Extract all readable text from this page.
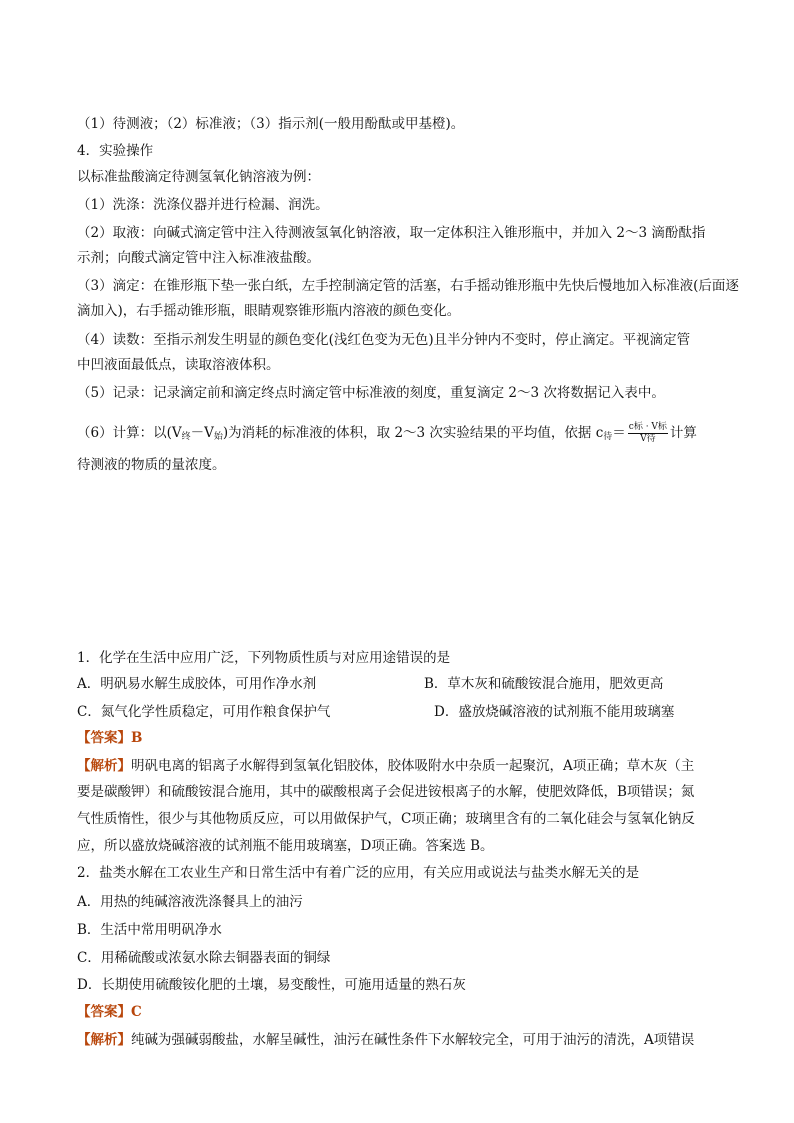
（1）待测液；（2）标准液；（3）指示剂(一般用酚酞或甲基橙)。
4．实验操作
以标准盐酸滴定待测氢氧化钠溶液为例：
（1）洗涤：洗涤仪器并进行检漏、润洗。
（2）取液：向碱式滴定管中注入待测液氢氧化钠溶液，取一定体积注入锥形瓶中，并加入 2～3 滴酚酞指
示剂；向酸式滴定管中注入标准液盐酸。
（3）滴定：在锥形瓶下垫一张白纸，左手控制滴定管的活塞，右手摇动锥形瓶中先快后慢地加入标准液(后面逐
滴加入)，右手摇动锥形瓶，眼睛观察锥形瓶内溶液的颜色变化。
（4）读数：至指示剂发生明显的颜色变化(浅红色变为无色)且半分钟内不变时，停止滴定。平视滴定管
中凹液面最低点，读取溶液体积。
（5）记录：记录滴定前和滴定终点时滴定管中标准液的刻度，重复滴定 2～3 次将数据记入表中。
（6）计算：以$(V_终-V_始)$为消耗的标准液的体积，取 2～3 次实验结果的平均值，依据 $c_待= \frac{\text{c标 · V标}}{\text{V待}}$ 计算
待测液的物质的量浓度。
1．化学在生活中应用广泛，下列物质性质与对应用途错误的是
A．明矾易水解生成胶体，可用作净水剂	B．草木灰和硫酸铵混合施用，肥效更高
C．氮气化学性质稳定，可用作粮食保护气	D．盛放烧碱溶液的试剂瓶不能用玻璃塞
【答案】B
【解析】明矾电离的铝离子水解得到氢氧化铝胶体，胶体吸附水中杂质一起聚沉，A项正确；草木灰（主
要是碳酸钾）和硫酸铵混合施用，其中的碳酸根离子会促进铵根离子的水解，使肥效降低，B项错误；氮
气性质惰性，很少与其他物质反应，可以用做保护气，C项正确；玻璃里含有的二氧化硅会与氢氧化钠反
应，所以盛放烧碱溶液的试剂瓶不能用玻璃塞，D项正确。答案选 B。
2．盐类水解在工农业生产和日常生活中有着广泛的应用，有关应用或说法与盐类水解无关的是
A．用热的纯碱溶液洗涤餐具上的油污
B．生活中常用明矾净水
C．用稀硫酸或浓氨水除去铜器表面的铜绿
D．长期使用硫酸铵化肥的土壤，易变酸性，可施用适量的熟石灰
【答案】C
【解析】纯碱为强碱弱酸盐，水解呈碱性，油污在碱性条件下水解较完全，可用于油污的清洗，A项错误
